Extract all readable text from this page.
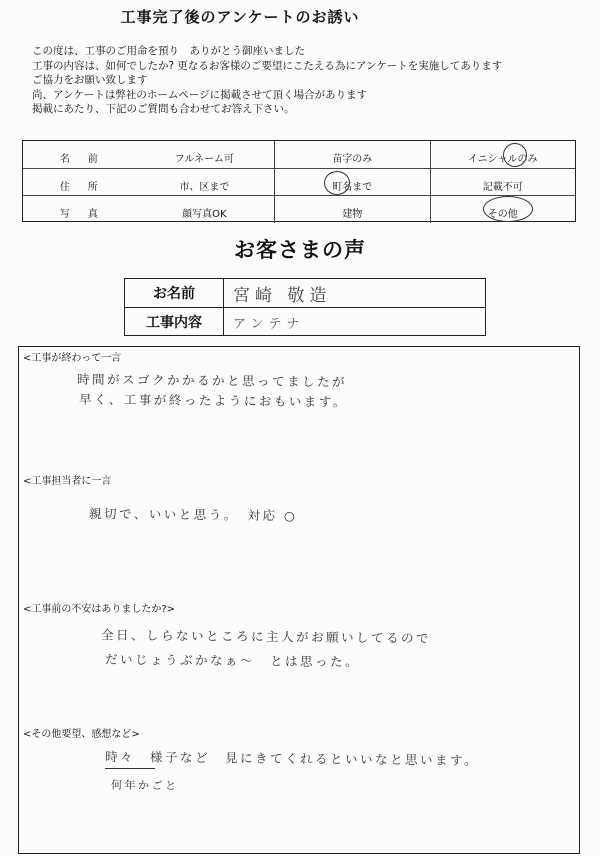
工事完了後のアンケートのお誘い
この度は、工事のご用命を預り　ありがとう御座いました
工事の内容は、如何でしたか? 更なるお客様のご要望にこたえる為にアンケートを実施してあります
ご協力をお願い致します
尚、アンケートは弊社のホームページに掲載させて頂く場合があります
掲載にあたり、下記のご質問も合わせてお答え下さい。
名前	フルネーム可	苗字のみ	イニシャルのみ
住所	市、区まで	町名まで	記載不可
写真	顔写真OK	建物	その他
お客さまの声
お名前	宮崎 敬造
工事内容	アンテナ
<工事が終わって一言
時間がスゴクかかるかと思ってましたが
早く、工事が終ったようにおもいます。
<工事担当者に一言
親切で、いいと思う。　対応 ○
<工事前の不安はありましたか?>
全日、しらないところに主人がお願いしてるので
だいじょうぶかなぁ～　とは思った。
<その他要望、感想など>
時々　様子など　見にきてくれるといいなと思います。
何年かごと
